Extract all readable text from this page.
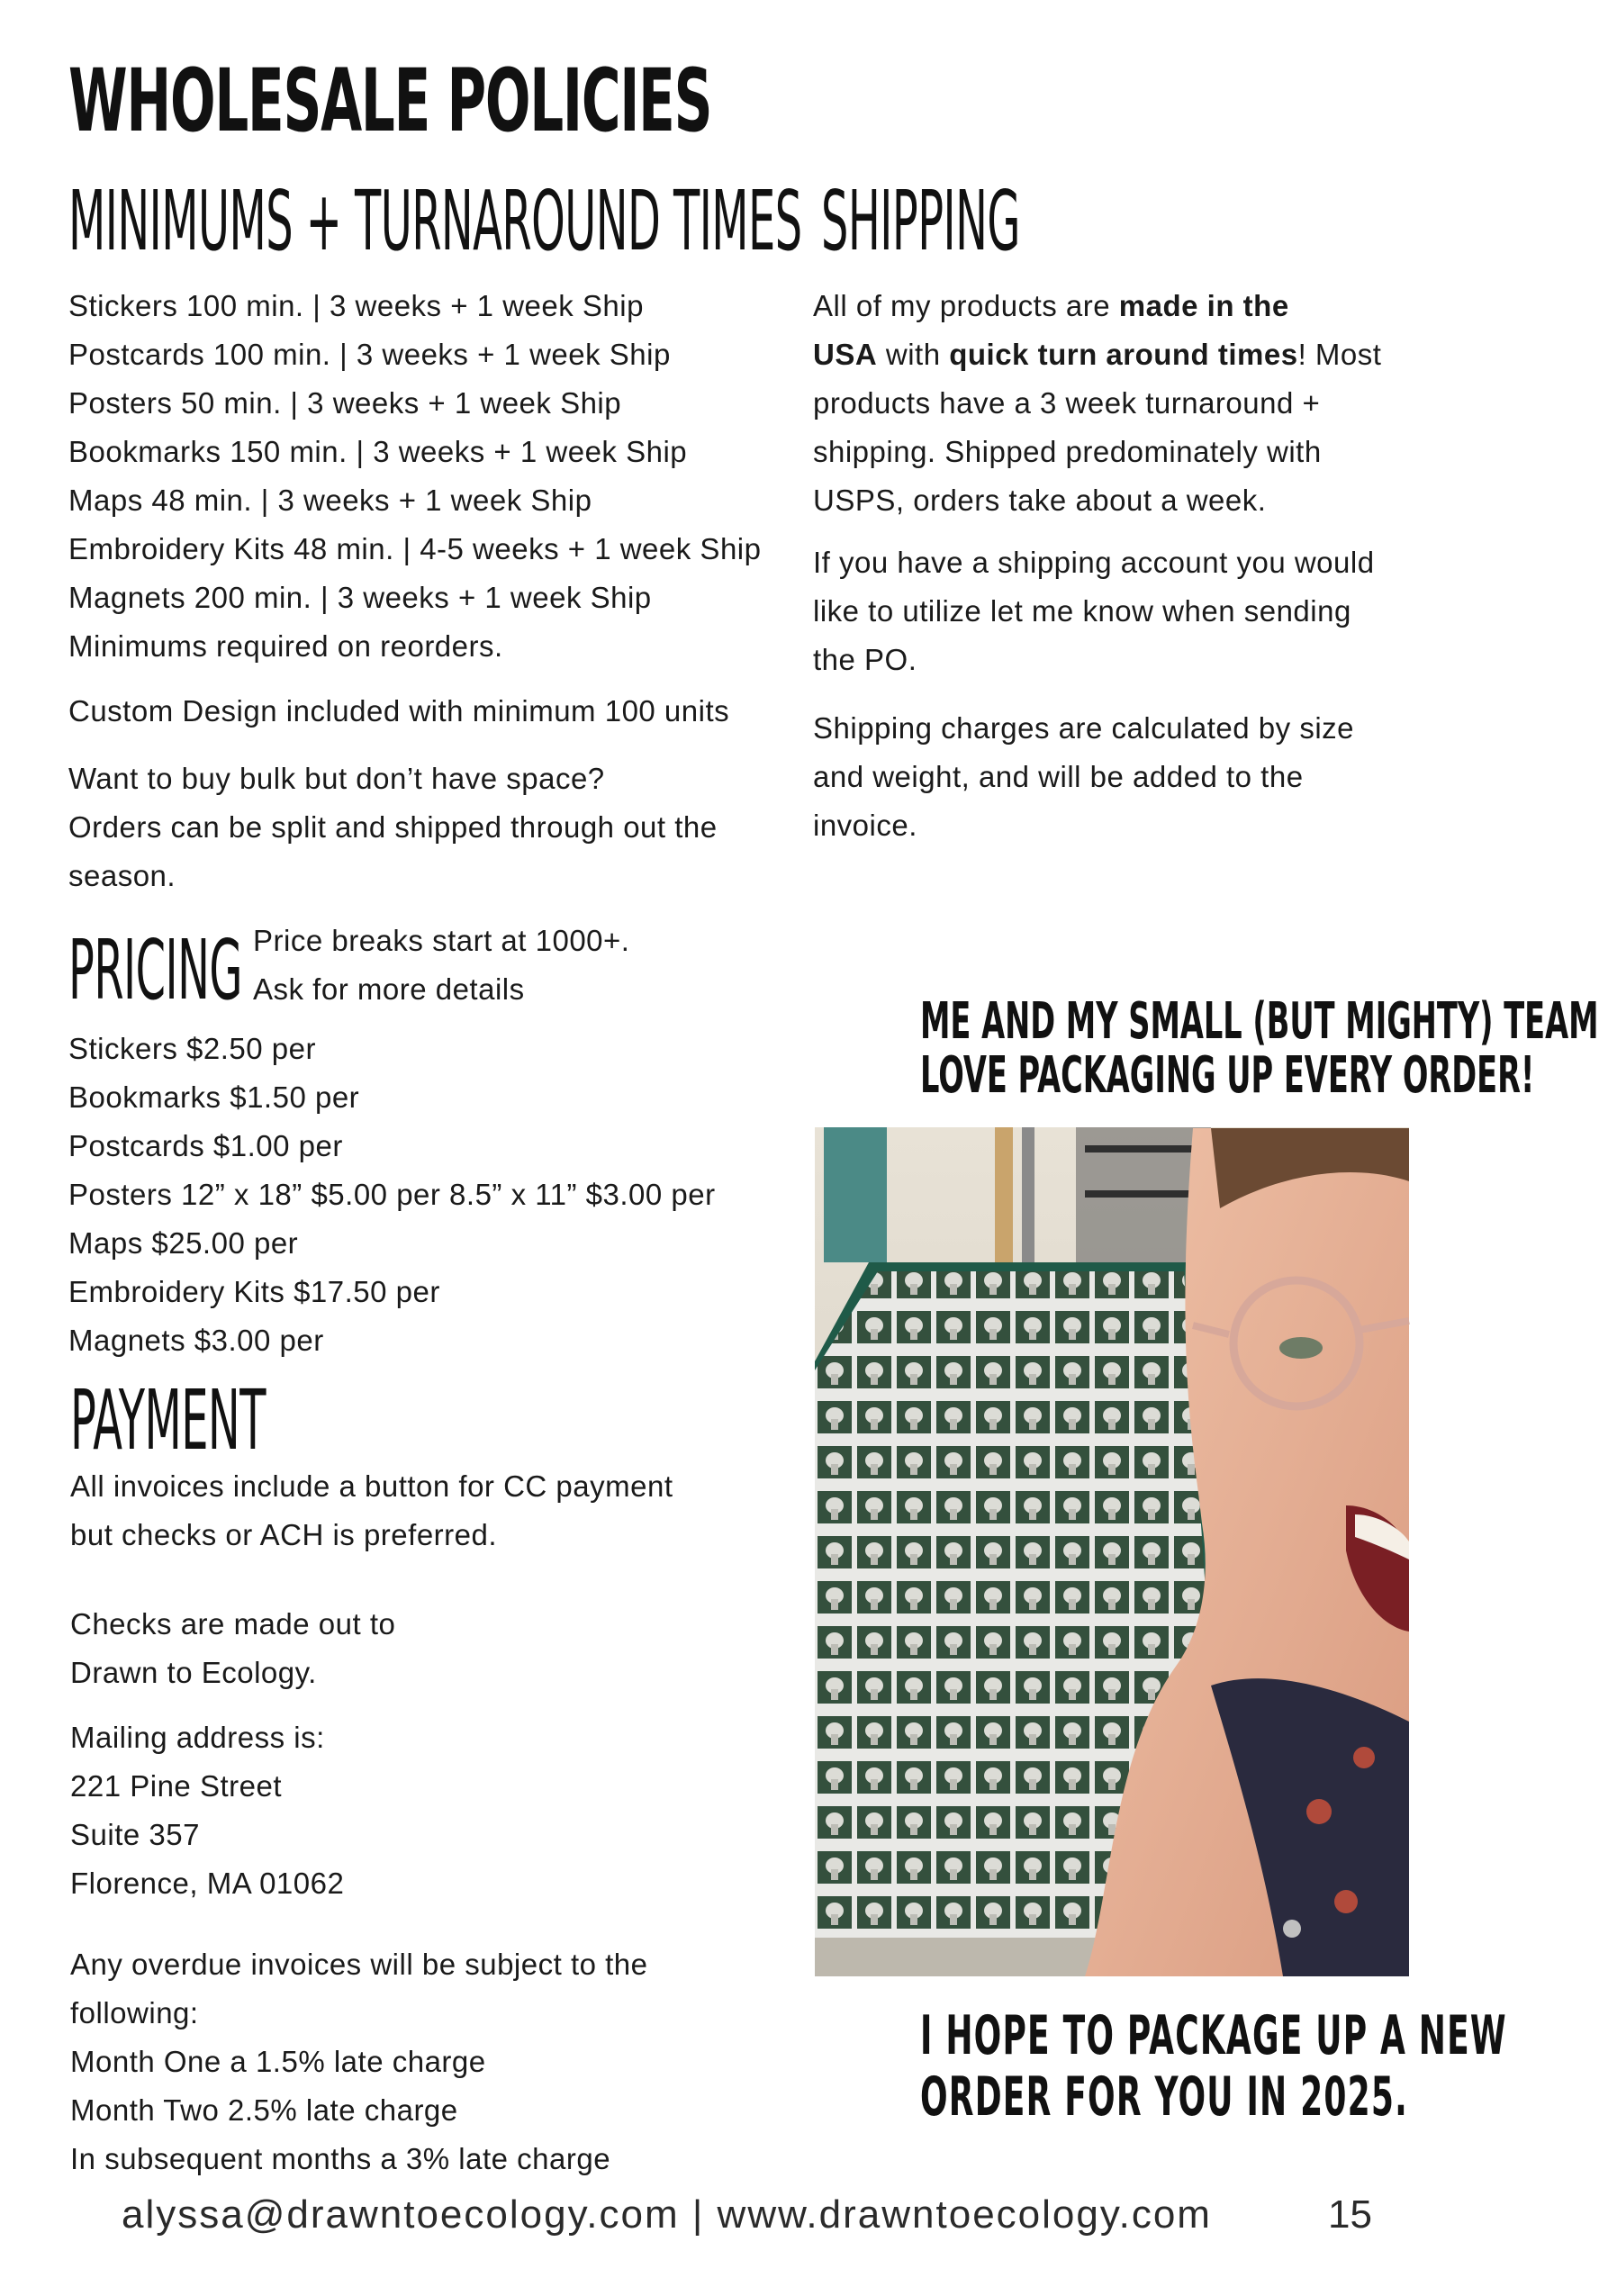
WHOLESALE POLICIES
MINIMUMS + TURNAROUND TIMES
Stickers 100 min. | 3 weeks + 1 week Ship
Postcards 100 min. | 3 weeks + 1 week Ship
Posters 50 min. | 3 weeks + 1 week Ship
Bookmarks 150 min. | 3 weeks + 1 week Ship
Maps 48 min. | 3 weeks + 1 week Ship
Embroidery Kits 48 min. | 4-5 weeks + 1 week Ship
Magnets 200 min. | 3 weeks + 1 week Ship
Minimums required on reorders.
Custom Design included with minimum 100 units
Want to buy bulk but don’t have space?
Orders can be split and shipped through out the
season.
SHIPPING
All of my products are made in the
USA with quick turn around times! Most
products have a 3 week turnaround +
shipping. Shipped predominately with
USPS, orders take about a week.
If you have a shipping account you would
like to utilize let me know when sending
the PO.
Shipping charges are calculated by size
and weight, and will be added to the
invoice.
PRICING Price breaks start at 1000+.
Ask for more details
Stickers $2.50 per
Bookmarks $1.50 per
Postcards $1.00 per
Posters 12” x 18” $5.00 per 8.5” x 11” $3.00 per
Maps $25.00 per
Embroidery Kits $17.50 per
Magnets $3.00 per
PAYMENT
All invoices include a button for CC payment
but checks or ACH is preferred.
Checks are made out to
Drawn to Ecology.
Mailing address is:
221 Pine Street
Suite 357
Florence, MA 01062
Any overdue invoices will be subject to the
following:
Month One a 1.5% late charge
Month Two 2.5% late charge
In subsequent months a 3% late charge
ME AND MY SMALL (BUT MIGHTY) TEAM
LOVE PACKAGING UP EVERY ORDER!
I HOPE TO PACKAGE UP A NEW
ORDER FOR YOU IN 2025.
alyssa@drawntoecology.com | www.drawntoecology.com	15
